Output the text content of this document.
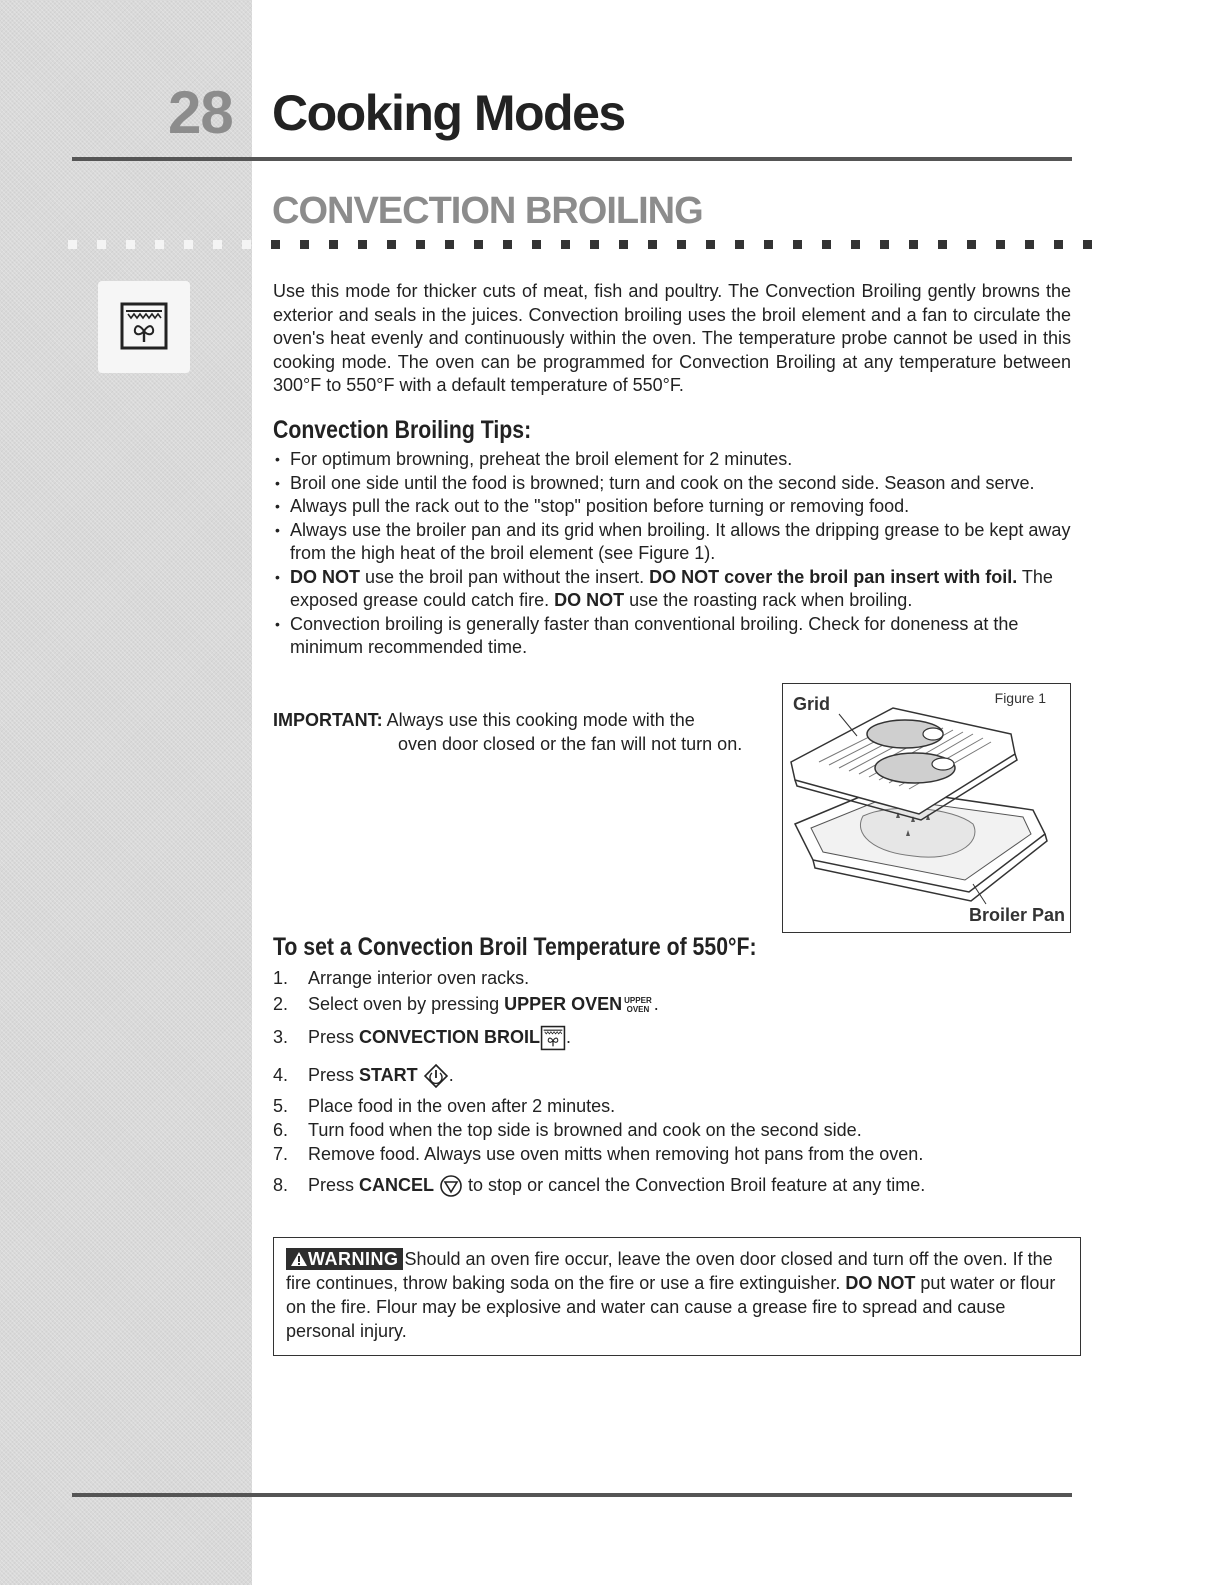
28 Cooking Modes
CONVECTION BROILING

Use this mode for thicker cuts of meat, fish and poultry. The Convection Broiling gently browns the exterior and seals in the juices. Convection broiling uses the broil element and a fan to circulate the oven's heat evenly and continuously within the oven. The temperature probe cannot be used in this cooking mode. The oven can be programmed for Convection Broiling at any temperature between 300°F to 550°F with a default temperature of 550°F.

Convection Broiling Tips:
• For optimum browning, preheat the broil element for 2 minutes.
• Broil one side until the food is browned; turn and cook on the second side. Season and serve.
• Always pull the rack out to the "stop" position before turning or removing food.
• Always use the broiler pan and its grid when broiling. It allows the dripping grease to be kept away from the high heat of the broil element (see Figure 1).
• DO NOT use the broil pan without the insert. DO NOT cover the broil pan insert with foil. The exposed grease could catch fire. DO NOT use the roasting rack when broiling.
• Convection broiling is generally faster than conventional broiling. Check for doneness at the minimum recommended time.
IMPORTANT: Always use this cooking mode with the
oven door closed or the fan will not turn on.
Figure 1
Grid
Broiler Pan
To set a Convection Broil Temperature of 550°F:
1. Arrange interior oven racks.
2. Select oven by pressing UPPER OVEN UPPER
OVEN .
3. Press CONVECTION BROIL .
4. Press START .
5. Place food in the oven after 2 minutes.
6. Turn food when the top side is browned and cook on the second side.
7. Remove food. Always use oven mitts when removing hot pans from the oven.
8. Press CANCEL  to stop or cancel the Convection Broil feature at any time.
WARNING Should an oven fire occur, leave the oven door closed and turn off the oven. If the fire continues, throw baking soda on the fire or use a fire extinguisher. DO NOT put water or flour on the fire. Flour may be explosive and water can cause a grease fire to spread and cause personal injury.
